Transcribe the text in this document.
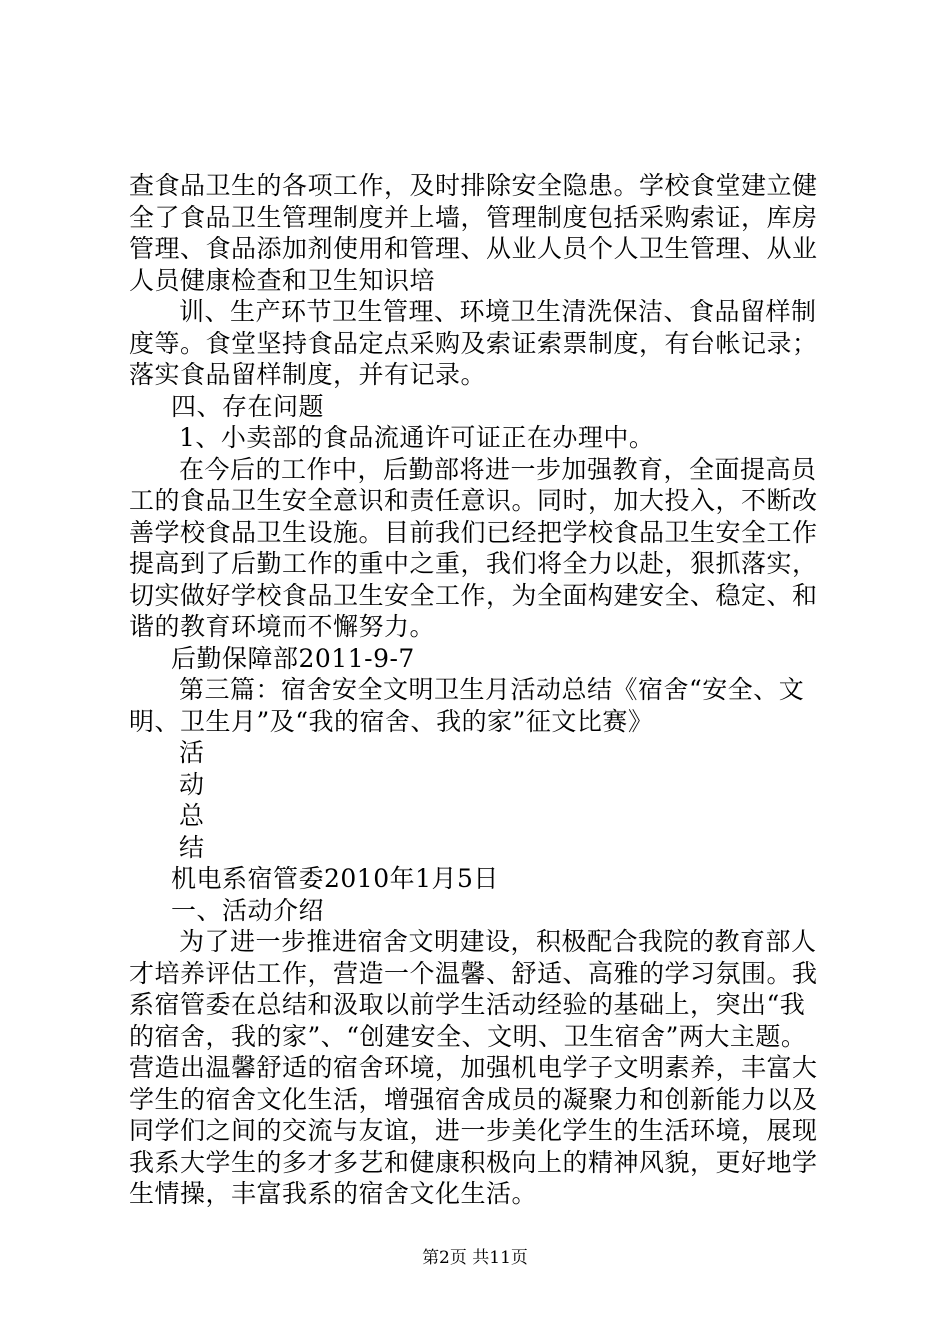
查食品卫生的各项工作，及时排除安全隐患。学校食堂建立健
全了食品卫生管理制度并上墙，管理制度包括采购索证，库房
管理、食品添加剂使用和管理、从业人员个人卫生管理、从业
人员健康检查和卫生知识培
训、生产环节卫生管理、环境卫生清洗保洁、食品留样制
度等。食堂坚持食品定点采购及索证索票制度，有台帐记录；
落实食品留样制度，并有记录。
四、存在问题
1、小卖部的食品流通许可证正在办理中。
在今后的工作中，后勤部将进一步加强教育，全面提高员
工的食品卫生安全意识和责任意识。同时，加大投入，不断改
善学校食品卫生设施。目前我们已经把学校食品卫生安全工作
提高到了后勤工作的重中之重，我们将全力以赴，狠抓落实，
切实做好学校食品卫生安全工作，为全面构建安全、稳定、和
谐的教育环境而不懈努力。
后勤保障部2011-9-7
第三篇：宿舍安全文明卫生月活动总结《宿舍“安全、文
明、卫生月”及“我的宿舍、我的家”征文比赛》
活
动
总
结
机电系宿管委2010年1月5日
一、活动介绍
为了进一步推进宿舍文明建设，积极配合我院的教育部人
才培养评估工作，营造一个温馨、舒适、高雅的学习氛围。我
系宿管委在总结和汲取以前学生活动经验的基础上，突出“我
的宿舍，我的家”、“创建安全、文明、卫生宿舍”两大主题。
营造出温馨舒适的宿舍环境，加强机电学子文明素养，丰富大
学生的宿舍文化生活，增强宿舍成员的凝聚力和创新能力以及
同学们之间的交流与友谊，进一步美化学生的生活环境，展现
我系大学生的多才多艺和健康积极向上的精神风貌，更好地学
生情操，丰富我系的宿舍文化生活。
第2页 共11页
